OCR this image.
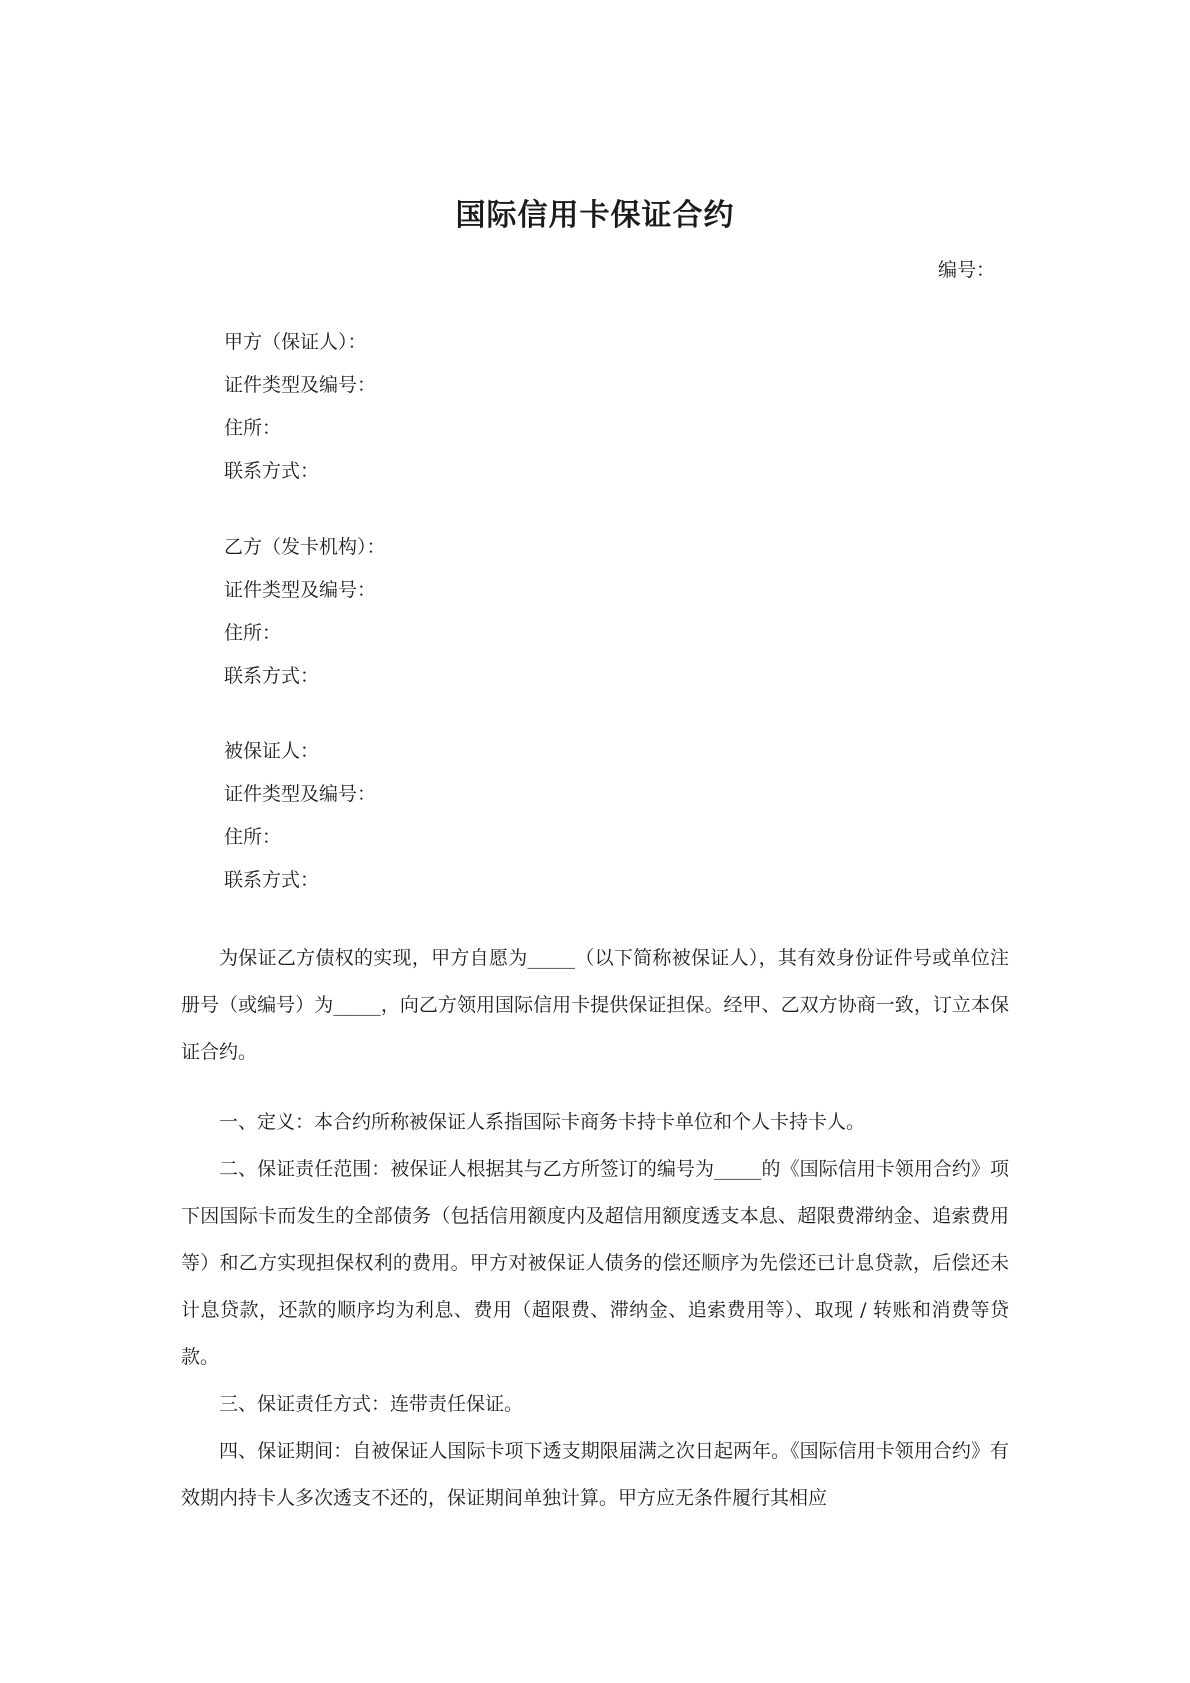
国际信用卡保证合约
编号：
甲方（保证人）：
证件类型及编号：
住所：
联系方式：
乙方（发卡机构）：
证件类型及编号：
住所：
联系方式：
被保证人：
证件类型及编号：
住所：
联系方式：

为保证乙方债权的实现，甲方自愿为_____（以下简称被保证人），其有效身份证件号或单位注册号（或编号）为_____，向乙方领用国际信用卡提供保证担保。经甲、乙双方协商一致，订立本保证合约。

一、定义：本合约所称被保证人系指国际卡商务卡持卡单位和个人卡持卡人。

二、保证责任范围：被保证人根据其与乙方所签订的编号为_____的《国际信用卡领用合约》项下因国际卡而发生的全部债务（包括信用额度内及超信用额度透支本息、超限费滞纳金、追索费用等）和乙方实现担保权利的费用。甲方对被保证人债务的偿还顺序为先偿还已计息贷款，后偿还未计息贷款，还款的顺序均为利息、费用（超限费、滞纳金、追索费用等）、取现 / 转账和消费等贷款。

三、保证责任方式：连带责任保证。

四、保证期间：自被保证人国际卡项下透支期限届满之次日起两年。《国际信用卡领用合约》有效期内持卡人多次透支不还的，保证期间单独计算。甲方应无条件履行其相应
